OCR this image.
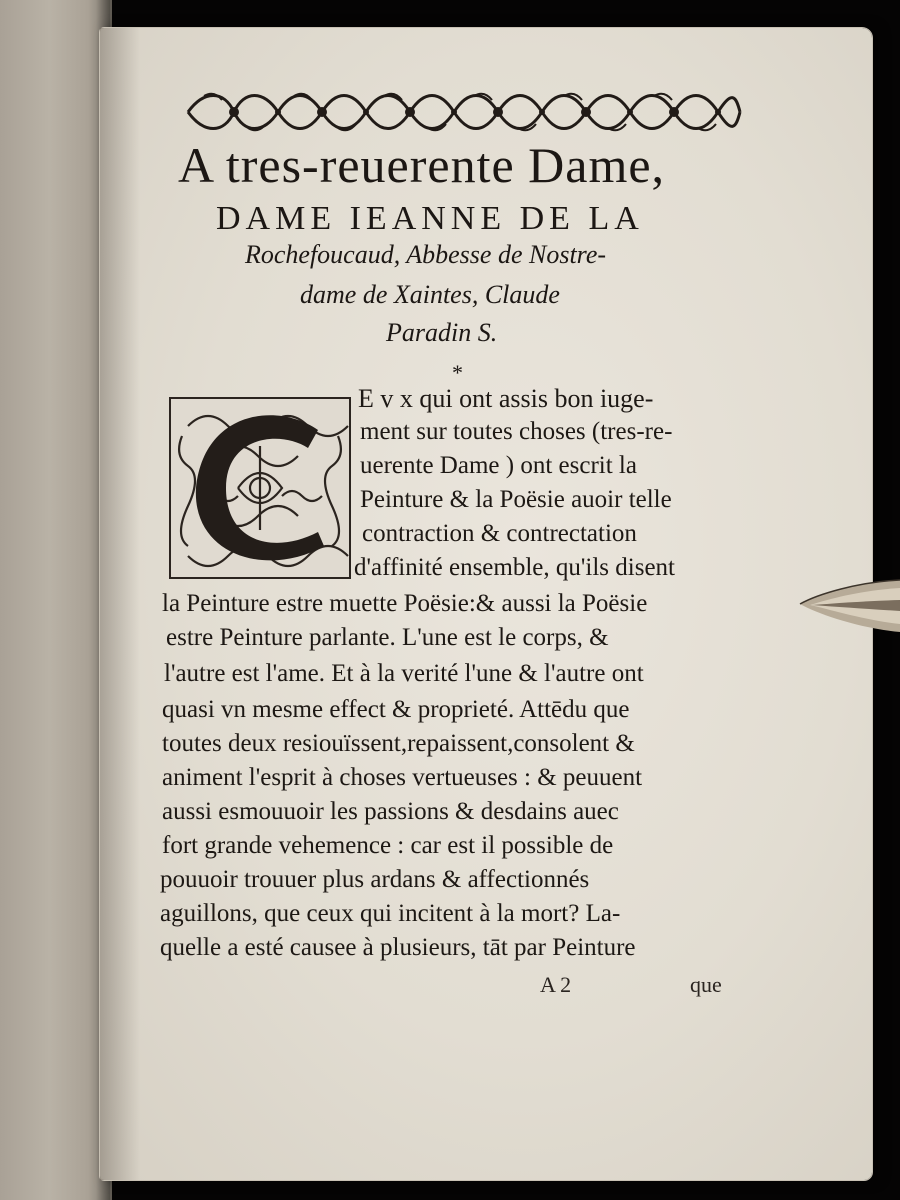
A tres-reuerente Dame,
DAME IEANNE DE LA
Rochefoucaud, Abbesse de Nostre-
dame de Xaintes, Claude
Paradin S.
*
E v x qui ont assis bon iuge-
ment sur toutes choses (tres-re-
uerente Dame ) ont escrit la
Peinture & la Poësie auoir telle
contraction & contrectation
d'affinité ensemble, qu'ils disent
la Peinture estre muette Poësie:& aussi la Poësie
estre Peinture parlante. L'une est le corps, &
l'autre est l'ame. Et à la verité l'une & l'autre ont
quasi vn mesme effect & proprieté. Attēdu que
toutes deux resiouïssent,repaissent,consolent &
animent l'esprit à choses vertueuses : & peuuent
aussi esmouuoir les passions & desdains auec
fort grande vehemence : car est il possible de
pouuoir trouuer plus ardans & affectionnés
aguillons, que ceux qui incitent à la mort? La-
quelle a esté causee à plusieurs, tāt par Peinture
A 2	que
